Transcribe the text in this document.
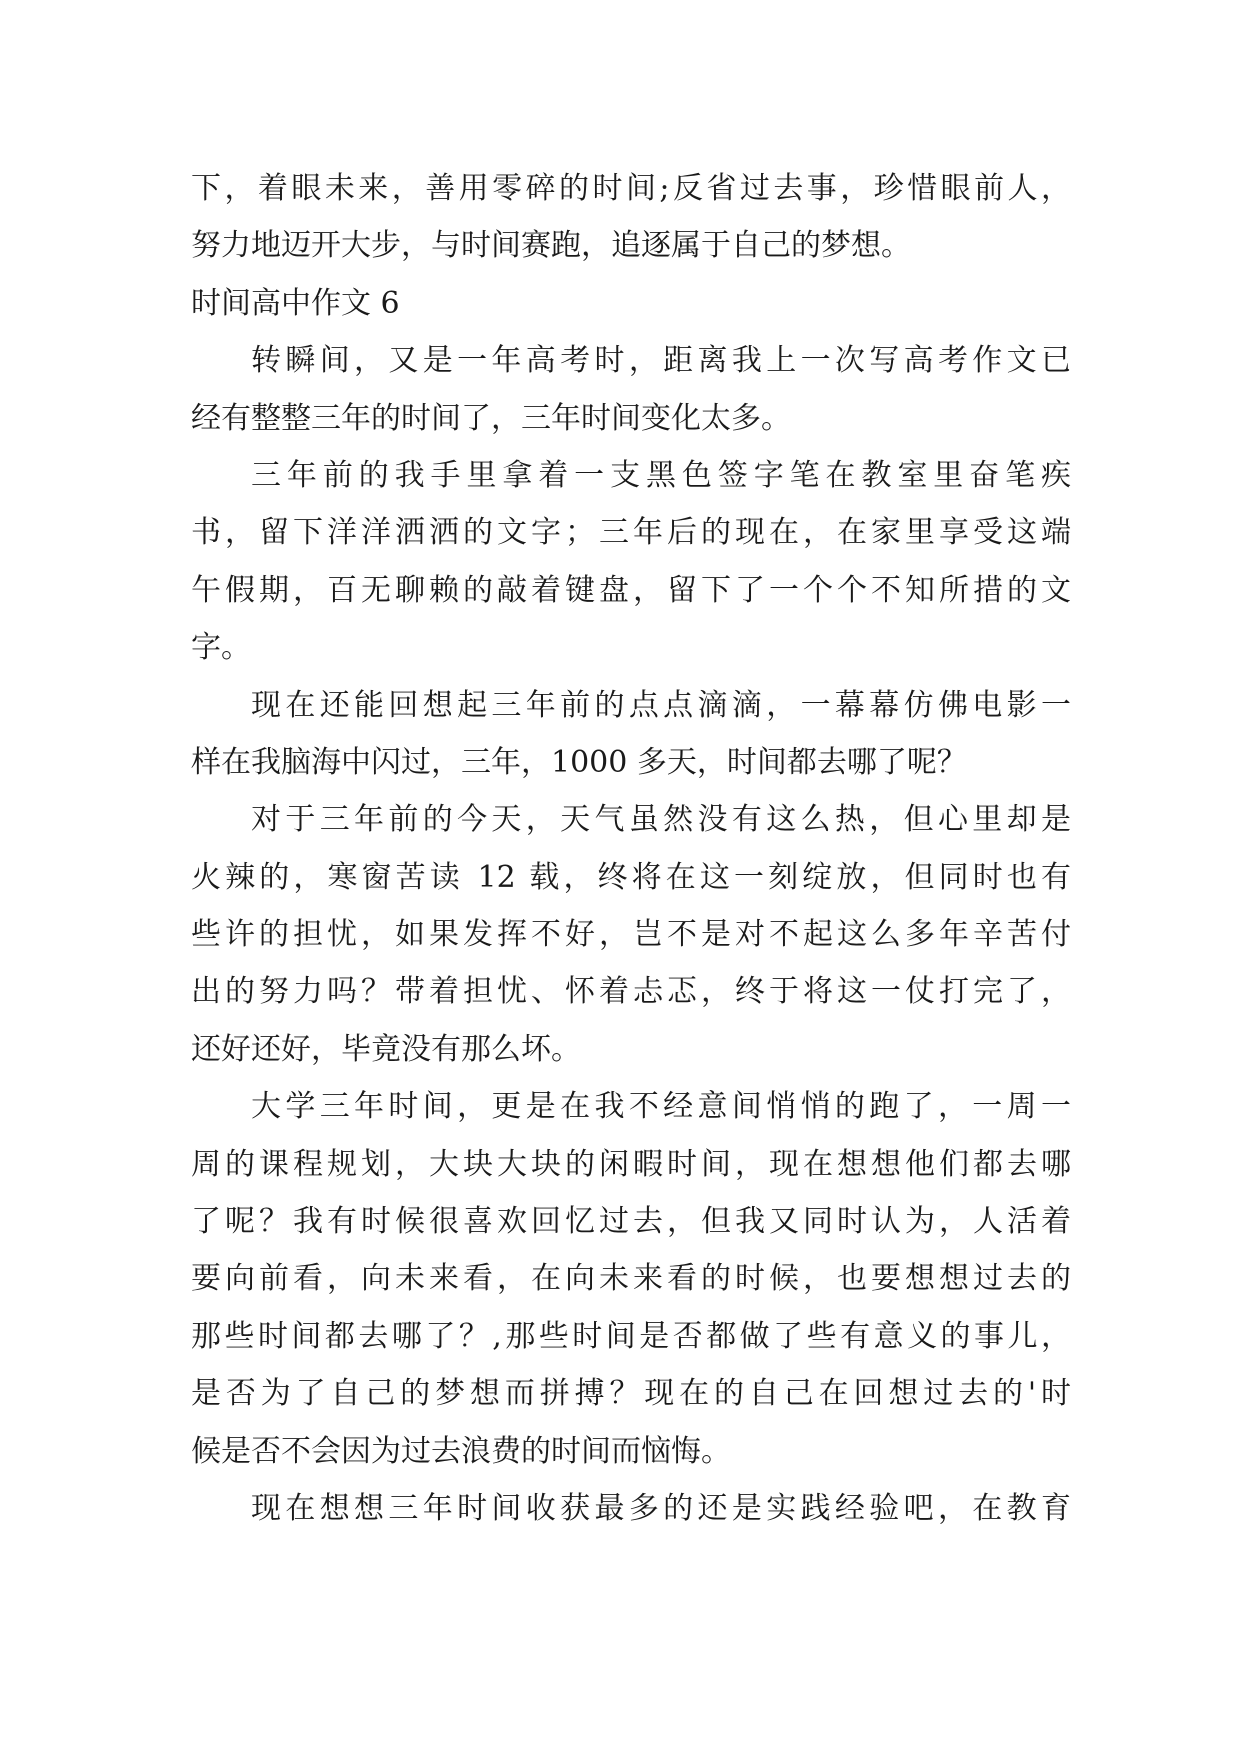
下，着眼未来，善用零碎的时间;反省过去事，珍惜眼前人，
努力地迈开大步，与时间赛跑，追逐属于自己的梦想。
时间高中作文 6
转瞬间，又是一年高考时，距离我上一次写高考作文已
经有整整三年的时间了，三年时间变化太多。
三年前的我手里拿着一支黑色签字笔在教室里奋笔疾
书，留下洋洋洒洒的文字；三年后的现在，在家里享受这端
午假期，百无聊赖的敲着键盘，留下了一个个不知所措的文
字。
现在还能回想起三年前的点点滴滴，一幕幕仿佛电影一
样在我脑海中闪过，三年，1000 多天，时间都去哪了呢？
对于三年前的今天，天气虽然没有这么热，但心里却是
火辣的，寒窗苦读 12 载，终将在这一刻绽放，但同时也有
些许的担忧，如果发挥不好，岂不是对不起这么多年辛苦付
出的努力吗？带着担忧、怀着忐忑，终于将这一仗打完了，
还好还好，毕竟没有那么坏。
大学三年时间，更是在我不经意间悄悄的跑了，一周一
周的课程规划，大块大块的闲暇时间，现在想想他们都去哪
了呢？我有时候很喜欢回忆过去，但我又同时认为，人活着
要向前看，向未来看，在向未来看的时候，也要想想过去的
那些时间都去哪了？,那些时间是否都做了些有意义的事儿，
是否为了自己的梦想而拼搏？现在的自己在回想过去的'时
候是否不会因为过去浪费的时间而恼悔。
现在想想三年时间收获最多的还是实践经验吧，在教育
